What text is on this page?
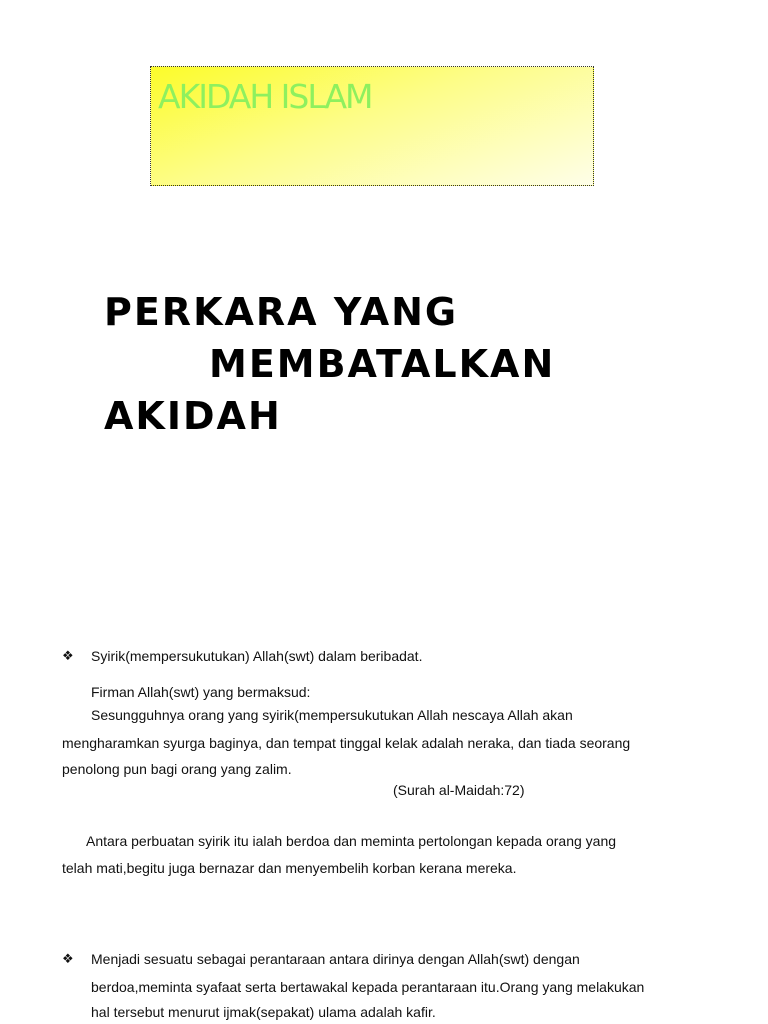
AKIDAH ISLAM
PERKARA YANG
MEMBATALKAN
AKIDAH
❖ Syirik(mempersukutukan) Allah(swt) dalam beribadat.
Firman Allah(swt) yang bermaksud:
Sesungguhnya orang yang syirik(mempersukutukan Allah nescaya Allah akan
mengharamkan syurga baginya, dan tempat tinggal kelak adalah neraka, dan tiada seorang
penolong pun bagi orang yang zalim.
(Surah al-Maidah:72)
Antara perbuatan syirik itu ialah berdoa dan meminta pertolongan kepada orang yang
telah mati,begitu juga bernazar dan menyembelih korban kerana mereka.
❖ Menjadi sesuatu sebagai perantaraan antara dirinya dengan Allah(swt) dengan
berdoa,meminta syafaat serta bertawakal kepada perantaraan itu.Orang yang melakukan
hal tersebut menurut ijmak(sepakat) ulama adalah kafir.
